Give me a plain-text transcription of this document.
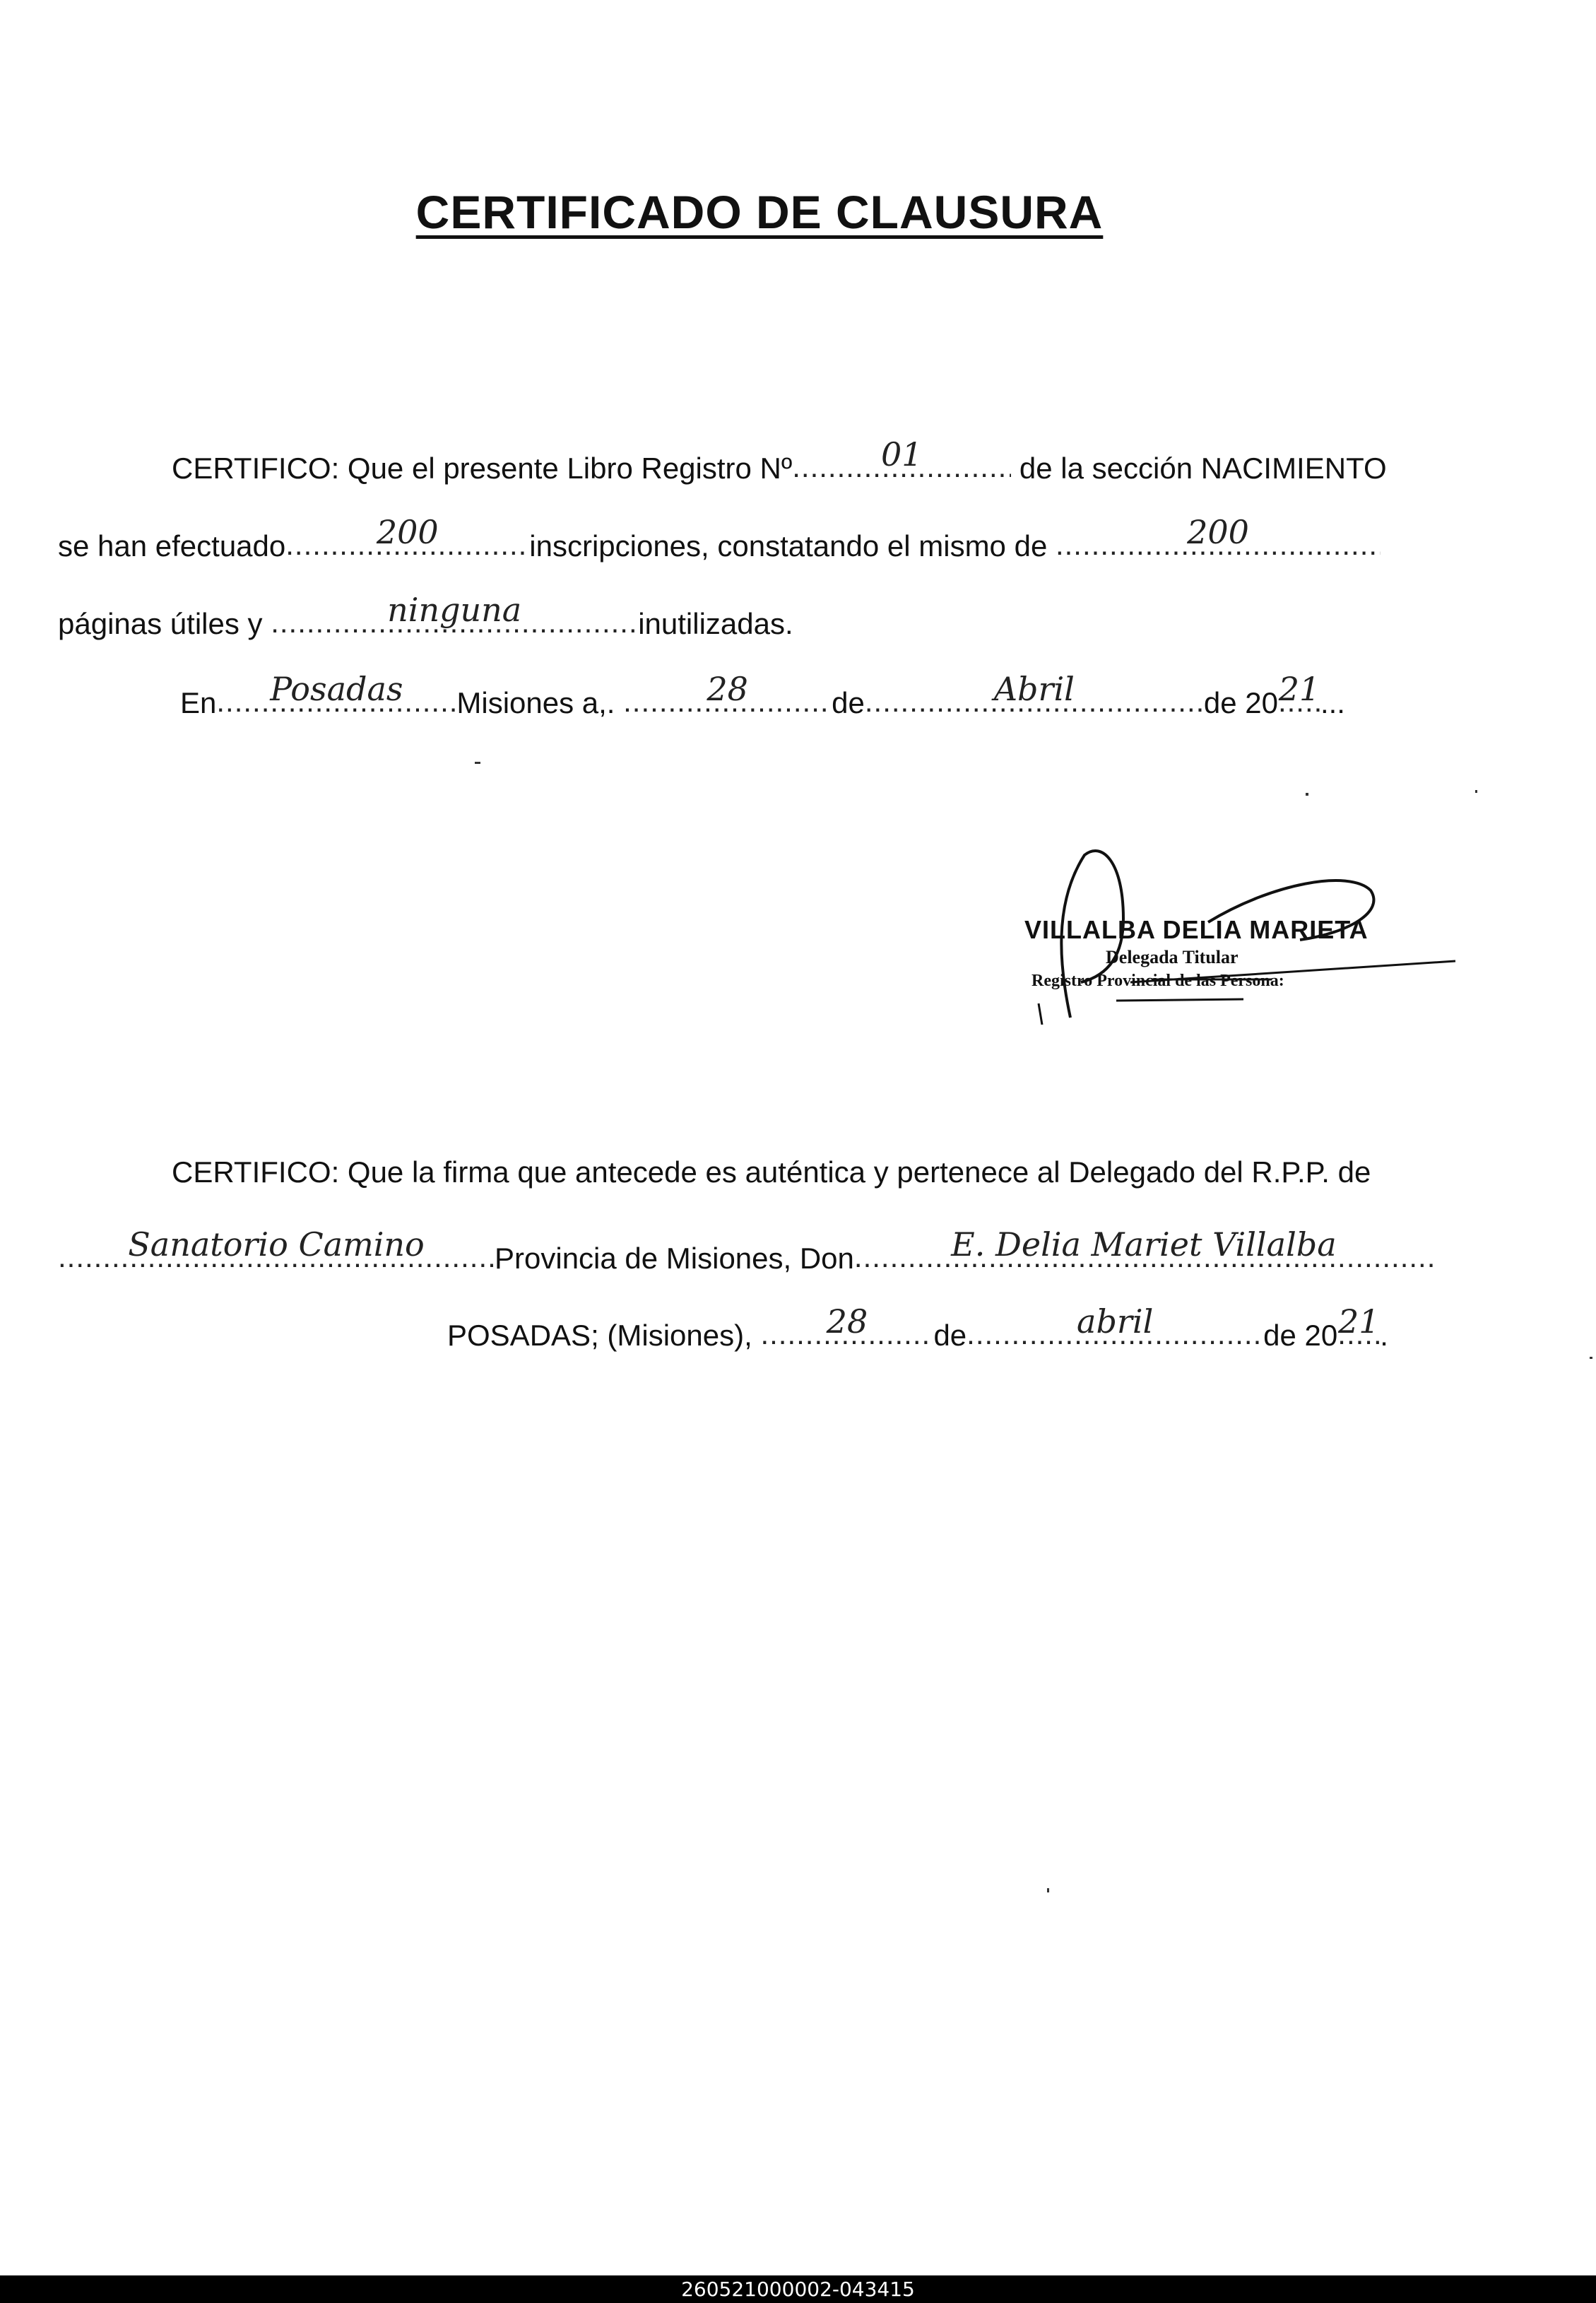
CERTIFICADO DE CLAUSURA
CERTIFICO: Que el presente Libro Registro Nº	..... 01	de la sección NACIMIENTO
se han efectuado	..... 200	inscripciones, constatando el mismo de	..... 200
páginas útiles y	..... ninguna	inutilizadas.
En	..... Posadas	Misiones a,.	..... 28	de	..... Abril	de 20 ..... 21 ...
VILLALBA DELIA MARIETA
Delegada Titular
Registro Provincial de las Persona:
CERTIFICO: Que la firma que antecede es auténtica y pertenece al Delegado del R.P.P. de
..... Sanatorio Camino	Provincia de Misiones, Don	..... E. Delia Mariet Villalba
POSADAS; (Misiones),	..... 28	de	..... abril	de 20 ..... 21 .
260521000002-043415
